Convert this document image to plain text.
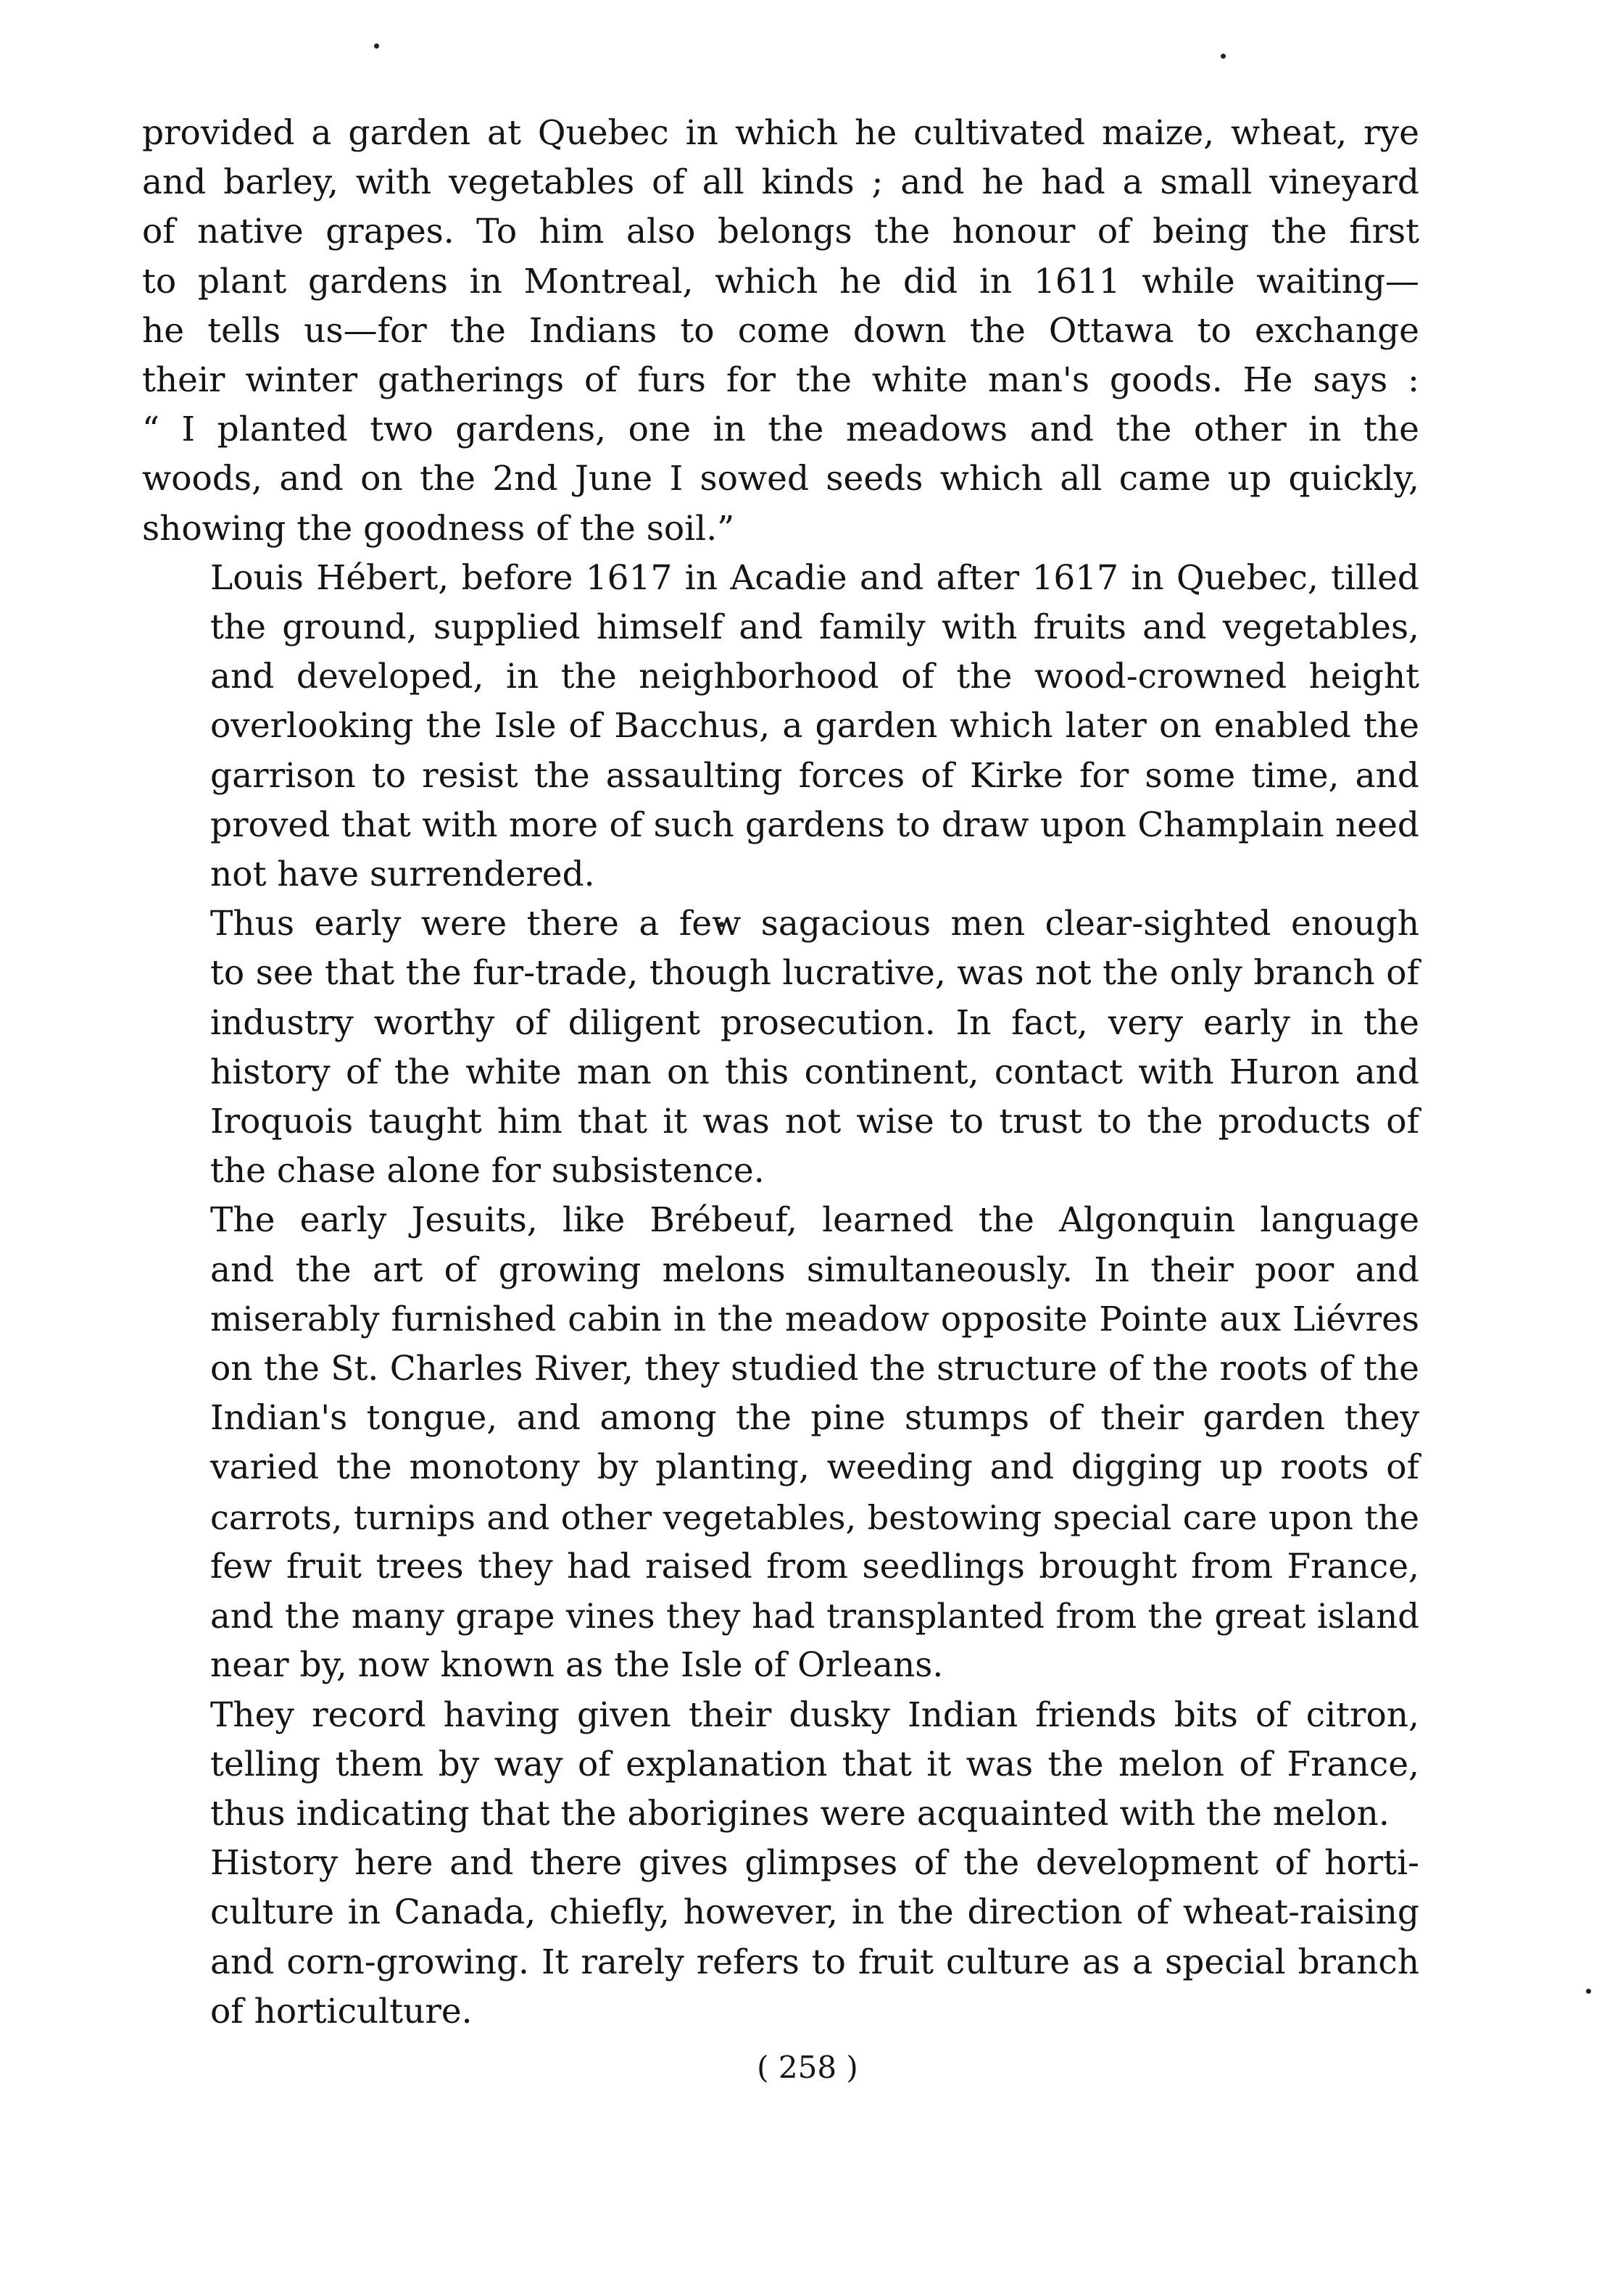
provided a garden at Quebec in which he cultivated maize, wheat, rye
and barley, with vegetables of all kinds ; and he had a small vineyard
of native grapes. To him also belongs the honour of being the first
to plant gardens in Montreal, which he did in 1611 while waiting—
he tells us—for the Indians to come down the Ottawa to exchange
their winter gatherings of furs for the white man's goods. He says :
“ I planted two gardens, one in the meadows and the other in the
woods, and on the 2nd June I sowed seeds which all came up quickly,
showing the goodness of the soil.”

Louis Hébert, before 1617 in Acadie and after 1617 in Quebec, tilled
the ground, supplied himself and family with fruits and vegetables,
and developed, in the neighborhood of the wood-crowned height
overlooking the Isle of Bacchus, a garden which later on enabled the
garrison to resist the assaulting forces of Kirke for some time, and
proved that with more of such gardens to draw upon Champlain need
not have surrendered.

Thus early were there a few sagacious men clear-sighted enough
to see that the fur-trade, though lucrative, was not the only branch of
industry worthy of diligent prosecution. In fact, very early in the
history of the white man on this continent, contact with Huron and
Iroquois taught him that it was not wise to trust to the products of
the chase alone for subsistence.

The early Jesuits, like Brébeuf, learned the Algonquin language
and the art of growing melons simultaneously. In their poor and
miserably furnished cabin in the meadow opposite Pointe aux Liévres
on the St. Charles River, they studied the structure of the roots of the
Indian's tongue, and among the pine stumps of their garden they
varied the monotony by planting, weeding and digging up roots of
carrots, turnips and other vegetables, bestowing special care upon the
few fruit trees they had raised from seedlings brought from France,
and the many grape vines they had transplanted from the great island
near by, now known as the Isle of Orleans.

They record having given their dusky Indian friends bits of citron,
telling them by way of explanation that it was the melon of France,
thus indicating that the aborigines were acquainted with the melon.

History here and there gives glimpses of the development of horti-
culture in Canada, chiefly, however, in the direction of wheat-raising
and corn-growing. It rarely refers to fruit culture as a special branch
of horticulture.

( 258 )
